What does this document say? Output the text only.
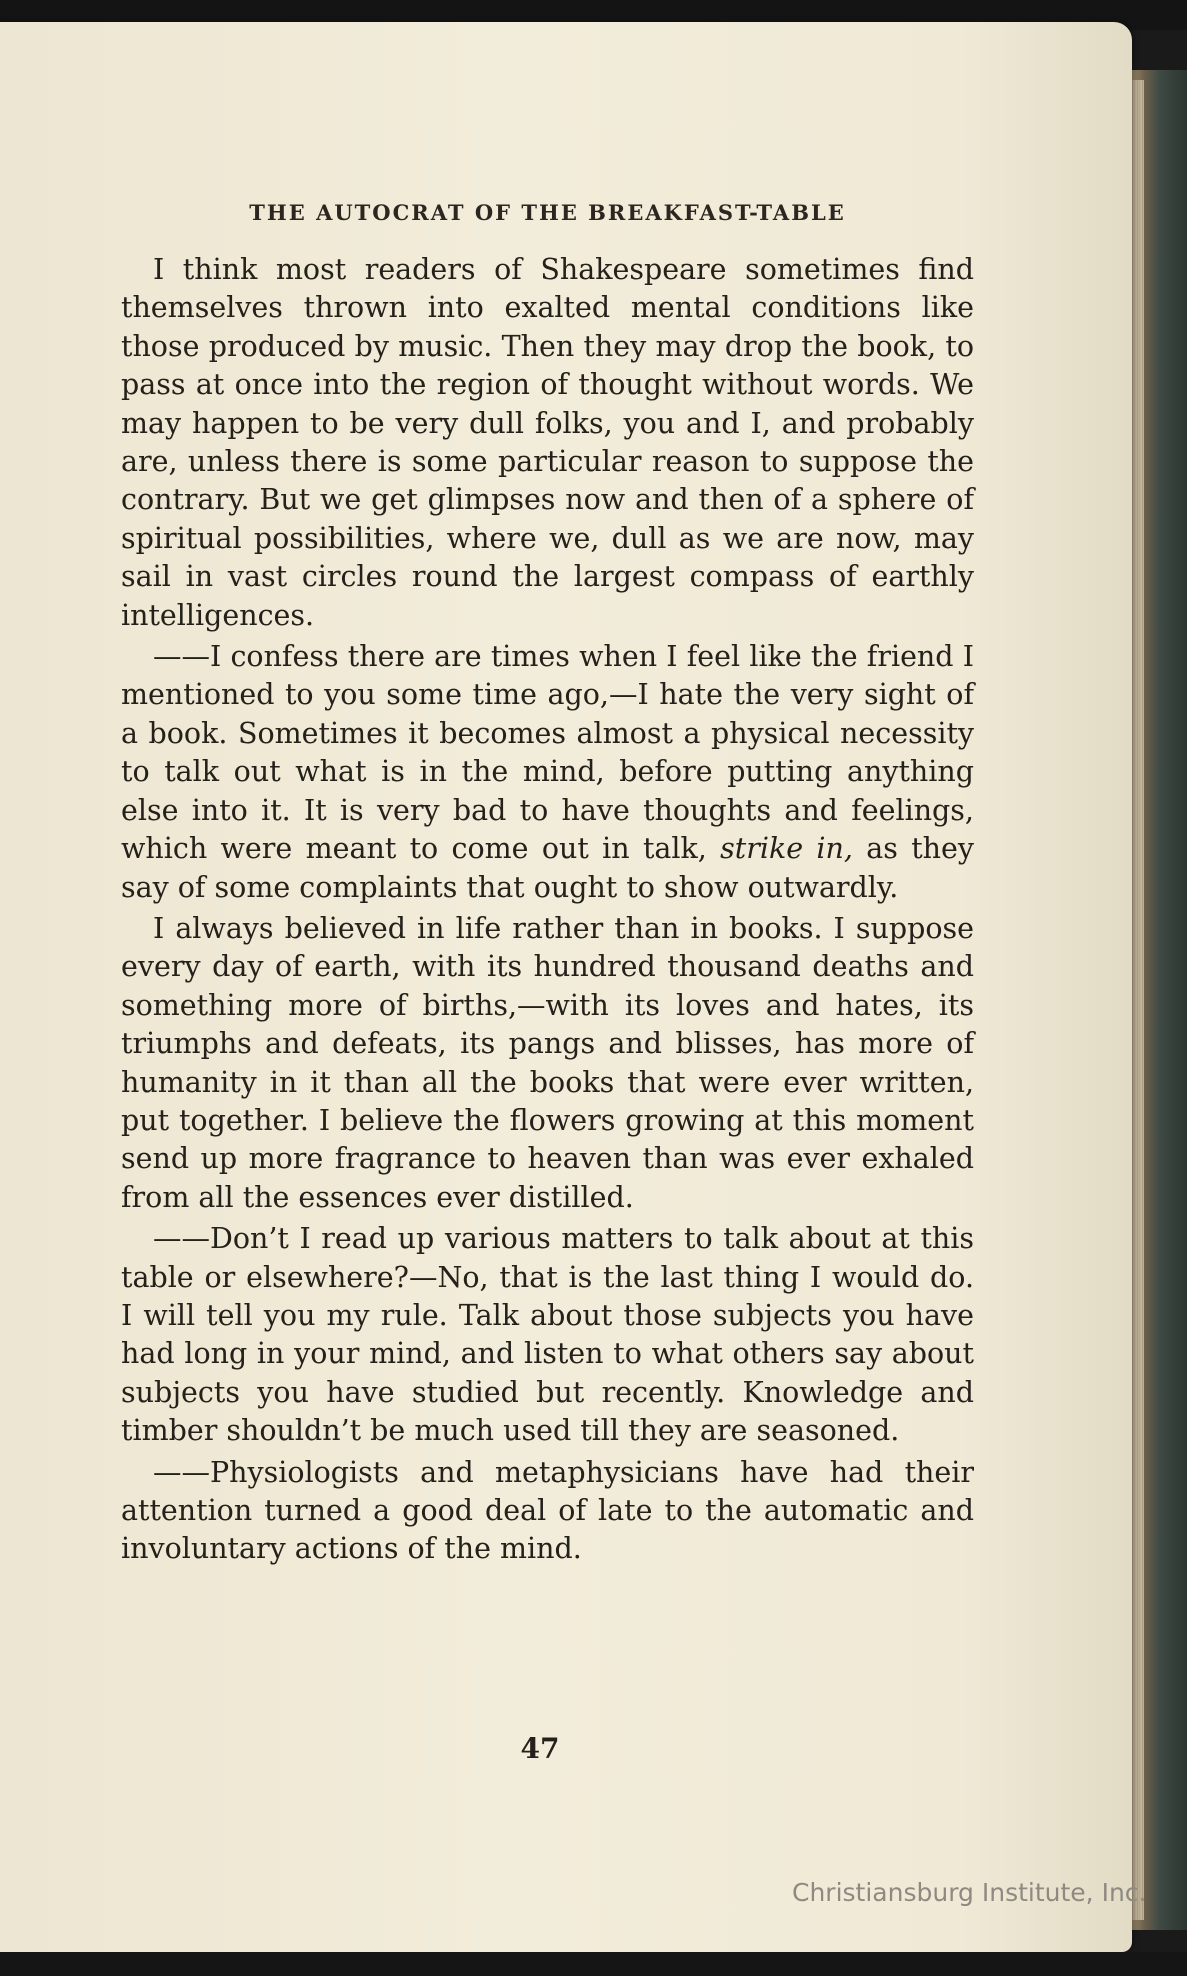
THE AUTOCRAT OF THE BREAKFAST-TABLE

I think most readers of Shakespeare sometimes find themselves thrown into exalted mental conditions like those produced by music. Then they may drop the book, to pass at once into the region of thought without words. We may happen to be very dull folks, you and I, and probably are, unless there is some particular reason to suppose the contrary. But we get glimpses now and then of a sphere of spiritual possibilities, where we, dull as we are now, may sail in vast circles round the largest compass of earthly intelligences.

——I confess there are times when I feel like the friend I mentioned to you some time ago,—I hate the very sight of a book. Sometimes it becomes almost a physical necessity to talk out what is in the mind, before putting anything else into it. It is very bad to have thoughts and feelings, which were meant to come out in talk, strike in, as they say of some complaints that ought to show outwardly.

I always believed in life rather than in books. I suppose every day of earth, with its hundred thousand deaths and something more of births,—with its loves and hates, its triumphs and defeats, its pangs and blisses, has more of humanity in it than all the books that were ever written, put together. I believe the flowers growing at this moment send up more fragrance to heaven than was ever exhaled from all the essences ever distilled.

——Don’t I read up various matters to talk about at this table or elsewhere?—No, that is the last thing I would do. I will tell you my rule. Talk about those subjects you have had long in your mind, and listen to what others say about subjects you have studied but recently. Knowledge and timber shouldn’t be much used till they are seasoned.

——Physiologists and metaphysicians have had their attention turned a good deal of late to the automatic and involuntary actions of the mind.

47
Christiansburg Institute, Inc.
